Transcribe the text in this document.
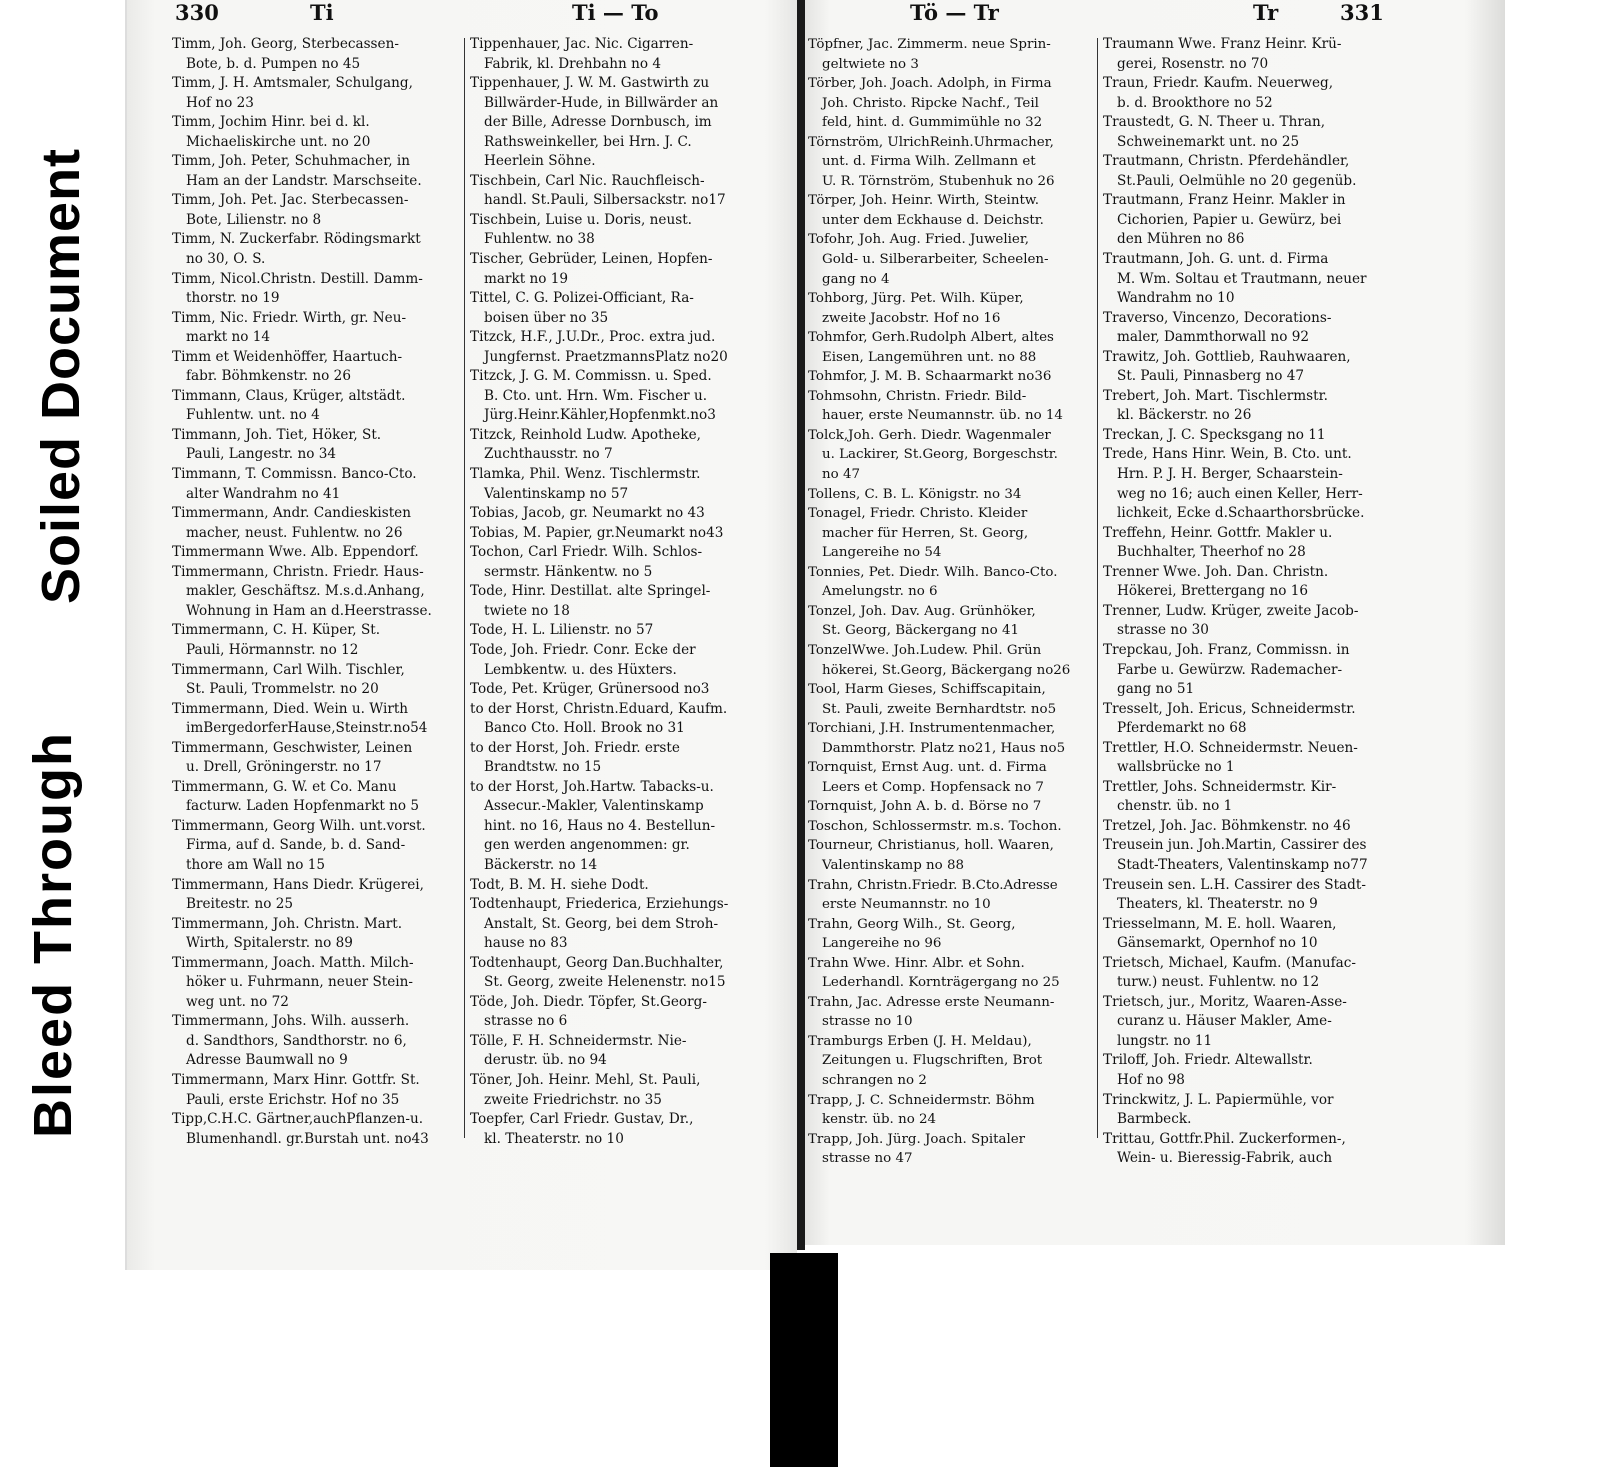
Soiled Document
Bleed Through
330	Ti	Ti — To	Tö — Tr	Tr	331
Timm, Joh. Georg, Sterbecassen-
Bote, b. d. Pumpen no 45
Timm, J. H. Amtsmaler, Schulgang,
Hof no 23
Timm, Jochim Hinr. bei d. kl.
Michaeliskirche unt. no 20
Timm, Joh. Peter, Schuhmacher, in
Ham an der Landstr. Marschseite.
Timm, Joh. Pet. Jac. Sterbecassen-
Bote, Lilienstr. no 8
Timm, N. Zuckerfabr. Rödingsmarkt
no 30, O. S.
Timm, Nicol.Christn. Destill. Damm-
thorstr. no 19
Timm, Nic. Friedr. Wirth, gr. Neu-
markt no 14
Timm et Weidenhöffer, Haartuch-
fabr. Böhmkenstr. no 26
Timmann, Claus, Krüger, altstädt.
Fuhlentw. unt. no 4
Timmann, Joh. Tiet, Höker, St.
Pauli, Langestr. no 34
Timmann, T. Commissn. Banco-Cto.
alter Wandrahm no 41
Timmermann, Andr. Candieskisten
macher, neust. Fuhlentw. no 26
Timmermann Wwe. Alb. Eppendorf.
Timmermann, Christn. Friedr. Haus-
makler, Geschäftsz. M.s.d.Anhang,
Wohnung in Ham an d.Heerstrasse.
Timmermann, C. H. Küper, St.
Pauli, Hörmannstr. no 12
Timmermann, Carl Wilh. Tischler,
St. Pauli, Trommelstr. no 20
Timmermann, Died. Wein u. Wirth
imBergedorferHause,Steinstr.no54
Timmermann, Geschwister, Leinen
u. Drell, Gröningerstr. no 17
Timmermann, G. W. et Co. Manu
facturw. Laden Hopfenmarkt no 5
Timmermann, Georg Wilh. unt.vorst.
Firma, auf d. Sande, b. d. Sand-
thore am Wall no 15
Timmermann, Hans Diedr. Krügerei,
Breitestr. no 25
Timmermann, Joh. Christn. Mart.
Wirth, Spitalerstr. no 89
Timmermann, Joach. Matth. Milch-
höker u. Fuhrmann, neuer Stein-
weg unt. no 72
Timmermann, Johs. Wilh. ausserh.
d. Sandthors, Sandthorstr. no 6,
Adresse Baumwall no 9
Timmermann, Marx Hinr. Gottfr. St.
Pauli, erste Erichstr. Hof no 35
Tipp,C.H.C. Gärtner,auchPflanzen-u.
Blumenhandl. gr.Burstah unt. no43
Tippenhauer, Jac. Nic. Cigarren-
Fabrik, kl. Drehbahn no 4
Tippenhauer, J. W. M. Gastwirth zu
Billwärder-Hude, in Billwärder an
der Bille, Adresse Dornbusch, im
Rathsweinkeller, bei Hrn. J. C.
Heerlein Söhne.
Tischbein, Carl Nic. Rauchfleisch-
handl. St.Pauli, Silbersackstr. no17
Tischbein, Luise u. Doris, neust.
Fuhlentw. no 38
Tischer, Gebrüder, Leinen, Hopfen-
markt no 19
Tittel, C. G. Polizei-Officiant, Ra-
boisen über no 35
Titzck, H.F., J.U.Dr., Proc. extra jud.
Jungfernst. PraetzmannsPlatz no20
Titzck, J. G. M. Commissn. u. Sped.
B. Cto. unt. Hrn. Wm. Fischer u.
Jürg.Heinr.Kähler,Hopfenmkt.no3
Titzck, Reinhold Ludw. Apotheke,
Zuchthausstr. no 7
Tlamka, Phil. Wenz. Tischlermstr.
Valentinskamp no 57
Tobias, Jacob, gr. Neumarkt no 43
Tobias, M. Papier, gr.Neumarkt no43
Tochon, Carl Friedr. Wilh. Schlos-
sermstr. Hänkentw. no 5
Tode, Hinr. Destillat. alte Springel-
twiete no 18
Tode, H. L. Lilienstr. no 57
Tode, Joh. Friedr. Conr. Ecke der
Lembkentw. u. des Hüxters.
Tode, Pet. Krüger, Grünersood no3
to der Horst, Christn.Eduard, Kaufm.
Banco Cto. Holl. Brook no 31
to der Horst, Joh. Friedr. erste
Brandtstw. no 15
to der Horst, Joh.Hartw. Tabacks-u.
Assecur.-Makler, Valentinskamp
hint. no 16, Haus no 4. Bestellun-
gen werden angenommen: gr.
Bäckerstr. no 14
Todt, B. M. H. siehe Dodt.
Todtenhaupt, Friederica, Erziehungs-
Anstalt, St. Georg, bei dem Stroh-
hause no 83
Todtenhaupt, Georg Dan.Buchhalter,
St. Georg, zweite Helenenstr. no15
Töde, Joh. Diedr. Töpfer, St.Georg-
strasse no 6
Tölle, F. H. Schneidermstr. Nie-
derustr. üb. no 94
Töner, Joh. Heinr. Mehl, St. Pauli,
zweite Friedrichstr. no 35
Toepfer, Carl Friedr. Gustav, Dr.,
kl. Theaterstr. no 10
Töpfner, Jac. Zimmerm. neue Sprin-
geltwiete no 3
Törber, Joh. Joach. Adolph, in Firma
Joh. Christo. Ripcke Nachf., Teil
feld, hint. d. Gummimühle no 32
Törnström, UlrichReinh.Uhrmacher,
unt. d. Firma Wilh. Zellmann et
U. R. Törnström, Stubenhuk no 26
Törper, Joh. Heinr. Wirth, Steintw.
unter dem Eckhause d. Deichstr.
Tofohr, Joh. Aug. Fried. Juwelier,
Gold- u. Silberarbeiter, Scheelen-
gang no 4
Tohborg, Jürg. Pet. Wilh. Küper,
zweite Jacobstr. Hof no 16
Tohmfor, Gerh.Rudolph Albert, altes
Eisen, Langemühren unt. no 88
Tohmfor, J. M. B. Schaarmarkt no36
Tohmsohn, Christn. Friedr. Bild-
hauer, erste Neumannstr. üb. no 14
Tolck,Joh. Gerh. Diedr. Wagenmaler
u. Lackirer, St.Georg, Borgeschstr.
no 47
Tollens, C. B. L. Königstr. no 34
Tonagel, Friedr. Christo. Kleider
macher für Herren, St. Georg,
Langereihe no 54
Tonnies, Pet. Diedr. Wilh. Banco-Cto.
Amelungstr. no 6
Tonzel, Joh. Dav. Aug. Grünhöker,
St. Georg, Bäckergang no 41
TonzelWwe. Joh.Ludew. Phil. Grün
hökerei, St.Georg, Bäckergang no26
Tool, Harm Gieses, Schiffscapitain,
St. Pauli, zweite Bernhardtstr. no5
Torchiani, J.H. Instrumentenmacher,
Dammthorstr. Platz no21, Haus no5
Tornquist, Ernst Aug. unt. d. Firma
Leers et Comp. Hopfensack no 7
Tornquist, John A. b. d. Börse no 7
Toschon, Schlossermstr. m.s. Tochon.
Tourneur, Christianus, holl. Waaren,
Valentinskamp no 88
Trahn, Christn.Friedr. B.Cto.Adresse
erste Neumannstr. no 10
Trahn, Georg Wilh., St. Georg,
Langereihe no 96
Trahn Wwe. Hinr. Albr. et Sohn.
Lederhandl. Kornträgergang no 25
Trahn, Jac. Adresse erste Neumann-
strasse no 10
Tramburgs Erben (J. H. Meldau),
Zeitungen u. Flugschriften, Brot
schrangen no 2
Trapp, J. C. Schneidermstr. Böhm
kenstr. üb. no 24
Trapp, Joh. Jürg. Joach. Spitaler
strasse no 47
Traumann Wwe. Franz Heinr. Krü-
gerei, Rosenstr. no 70
Traun, Friedr. Kaufm. Neuerweg,
b. d. Brookthore no 52
Traustedt, G. N. Theer u. Thran,
Schweinemarkt unt. no 25
Trautmann, Christn. Pferdehändler,
St.Pauli, Oelmühle no 20 gegenüb.
Trautmann, Franz Heinr. Makler in
Cichorien, Papier u. Gewürz, bei
den Mühren no 86
Trautmann, Joh. G. unt. d. Firma
M. Wm. Soltau et Trautmann, neuer
Wandrahm no 10
Traverso, Vincenzo, Decorations-
maler, Dammthorwall no 92
Trawitz, Joh. Gottlieb, Rauhwaaren,
St. Pauli, Pinnasberg no 47
Trebert, Joh. Mart. Tischlermstr.
kl. Bäckerstr. no 26
Treckan, J. C. Specksgang no 11
Trede, Hans Hinr. Wein, B. Cto. unt.
Hrn. P. J. H. Berger, Schaarstein-
weg no 16; auch einen Keller, Herr-
lichkeit, Ecke d.Schaarthorsbrücke.
Treffehn, Heinr. Gottfr. Makler u.
Buchhalter, Theerhof no 28
Trenner Wwe. Joh. Dan. Christn.
Hökerei, Brettergang no 16
Trenner, Ludw. Krüger, zweite Jacob-
strasse no 30
Trepckau, Joh. Franz, Commissn. in
Farbe u. Gewürzw. Rademacher-
gang no 51
Tresselt, Joh. Ericus, Schneidermstr.
Pferdemarkt no 68
Trettler, H.O. Schneidermstr. Neuen-
wallsbrücke no 1
Trettler, Johs. Schneidermstr. Kir-
chenstr. üb. no 1
Tretzel, Joh. Jac. Böhmkenstr. no 46
Treusein jun. Joh.Martin, Cassirer des
Stadt-Theaters, Valentinskamp no77
Treusein sen. L.H. Cassirer des Stadt-
Theaters, kl. Theaterstr. no 9
Triesselmann, M. E. holl. Waaren,
Gänsemarkt, Opernhof no 10
Trietsch, Michael, Kaufm. (Manufac-
turw.) neust. Fuhlentw. no 12
Trietsch, jur., Moritz, Waaren-Asse-
curanz u. Häuser Makler, Ame-
lungstr. no 11
Triloff, Joh. Friedr. Altewallstr.
Hof no 98
Trinckwitz, J. L. Papiermühle, vor
Barmbeck.
Trittau, Gottfr.Phil. Zuckerformen-,
Wein- u. Bieressig-Fabrik, auch
